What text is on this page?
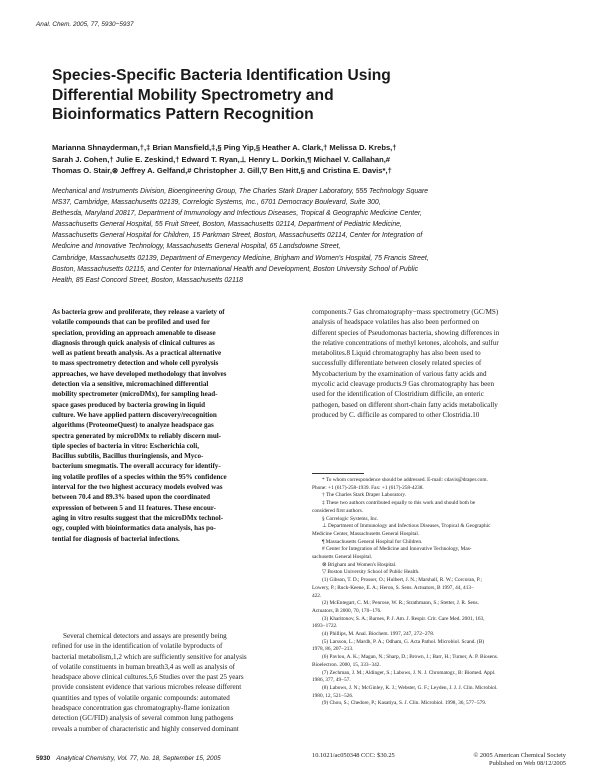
Anal. Chem. 2005, 77, 5930−5937
Species-Specific Bacteria Identification Using
Differential Mobility Spectrometry and
Bioinformatics Pattern Recognition
Marianna Shnayderman,†,‡ Brian Mansfield,‡,§ Ping Yip,§ Heather A. Clark,† Melissa D. Krebs,†
Sarah J. Cohen,† Julie E. Zeskind,† Edward T. Ryan,⊥ Henry L. Dorkin,¶ Michael V. Callahan,#
Thomas O. Stair,⊗ Jeffrey A. Gelfand,# Christopher J. Gill,▽ Ben Hitt,§ and Cristina E. Davis*,†
Mechanical and Instruments Division, Bioengineering Group, The Charles Stark Draper Laboratory, 555 Technology Square
MS37, Cambridge, Massachusetts 02139, Correlogic Systems, Inc., 6701 Democracy Boulevard, Suite 300,
Bethesda, Maryland 20817, Department of Immunology and Infectious Diseases, Tropical & Geographic Medicine Center,
Massachusetts General Hospital, 55 Fruit Street, Boston, Massachusetts 02114, Department of Pediatric Medicine,
Massachusetts General Hospital for Children, 15 Parkman Street, Boston, Massachusetts 02114, Center for Integration of
Medicine and Innovative Technology, Massachusetts General Hospital, 65 Landsdowne Street,
Cambridge, Massachusetts 02139, Department of Emergency Medicine, Brigham and Women's Hospital, 75 Francis Street,
Boston, Massachusetts 02115, and Center for International Health and Development, Boston University School of Public
Health, 85 East Concord Street, Boston, Massachusetts 02118
As bacteria grow and proliferate, they release a variety of
volatile compounds that can be profiled and used for
speciation, providing an approach amenable to disease
diagnosis through quick analysis of clinical cultures as
well as patient breath analysis. As a practical alternative
to mass spectrometry detection and whole cell pyrolysis
approaches, we have developed methodology that involves
detection via a sensitive, micromachined differential
mobility spectrometer (microDMx), for sampling head-
space gases produced by bacteria growing in liquid
culture. We have applied pattern discovery/recognition
algorithms (ProteomeQuest) to analyze headspace gas
spectra generated by microDMx to reliably discern mul-
tiple species of bacteria in vitro: Escherichia coli,
Bacillus subtilis, Bacillus thuringiensis, and Myco-
bacterium smegmatis. The overall accuracy for identify-
ing volatile profiles of a species within the 95% confidence
interval for the two highest accuracy models evolved was
between 70.4 and 89.3% based upon the coordinated
expression of between 5 and 11 features. These encour-
aging in vitro results suggest that the microDMx technol-
ogy, coupled with bioinformatics data analysis, has po-
tential for diagnosis of bacterial infections.
Several chemical detectors and assays are presently being
refined for use in the identification of volatile byproducts of
bacterial metabolism,1,2 which are sufficiently sensitive for analysis
of volatile constituents in human breath3,4 as well as analysis of
headspace above clinical cultures.5,6 Studies over the past 25 years
provide consistent evidence that various microbes release different
quantities and types of volatile organic compounds: automated
headspace concentration gas chromatography-flame ionization
detection (GC/FID) analysis of several common lung pathogens
reveals a number of characteristic and highly conserved dominant
components.7 Gas chromatography−mass spectrometry (GC/MS)
analysis of headspace volatiles has also been performed on
different species of Pseudomonas bacteria, showing differences in
the relative concentrations of methyl ketones, alcohols, and sulfur
metabolites.8 Liquid chromatography has also been used to
successfully differentiate between closely related species of
Mycobacterium by the examination of various fatty acids and
mycolic acid cleavage products.9 Gas chromatography has been
used for the identification of Clostridium difficile, an enteric
pathogen, based on different short-chain fatty acids metabolically
produced by C. difficile as compared to other Clostridia.10
* To whom correspondence should be addressed. E-mail: cdavis@draper.com.
Phone: +1 (617)-258-1939. Fax: +1 (617)-258-4238.
† The Charles Stark Draper Laboratory.
‡ These two authors contributed equally to this work and should both be
considered first authors.
§ Correlogic Systems, Inc.
⊥ Department of Immunology and Infectious Diseases, Tropical & Geographic
Medicine Center, Massachusetts General Hospital.
¶ Massachusetts General Hospital for Children.
# Center for Integration of Medicine and Innovative Technology, Mas-
sachusetts General Hospital.
⊗ Brigham and Women's Hospital.
▽ Boston University School of Public Health.
(1) Gibson, T. D.; Prosser, O.; Hulbert, J. N.; Marshall, R. W.; Corcoran, P.;
Lowery, P.; Ruck-Keene, E. A.; Heron, S. Sens. Actuators, B 1997, 44, 413−
422.
(2) McEntegart, C. M.; Penrose, W. R.; Strathmann, S.; Stetter, J. R. Sens.
Actuators, B 2000, 70, 170−176.
(3) Kharitonov, S. A.; Barnes, P. J. Am. J. Respir. Crit. Care Med. 2001, 163,
1693−1722.
(4) Phillips, M. Anal. Biochem. 1997, 247, 272−278.
(5) Larsson, L.; Mardh, P. A.; Odham, G. Acta Pathol. Microbiol. Scand. (B)
1978, 86, 207−213.
(6) Pavlou, A. K.; Magan, N.; Sharp, D.; Brown, J.; Barr, H.; Turner, A. P. Biosens.
Bioelectron. 2000, 15, 333−342.
(7) Zechman, J. M.; Aldinger, S.; Labows, J. N. J. Chromatogr., B: Biomed. Appl.
1986, 377, 49−57.
(8) Labows, J. N.; McGinley, K. J.; Webster, G. F.; Leyden, J. J. J. Clin. Microbiol.
1980, 12, 521−526.
(9) Chou, S.; Chedore, P.; Kasatiya, S. J. Clin. Microbiol. 1998, 36, 577−579.
5930 Analytical Chemistry, Vol. 77, No. 18, September 15, 2005	10.1021/ac050348 CCC: $30.25	© 2005 American Chemical Society
Published on Web 08/12/2005
